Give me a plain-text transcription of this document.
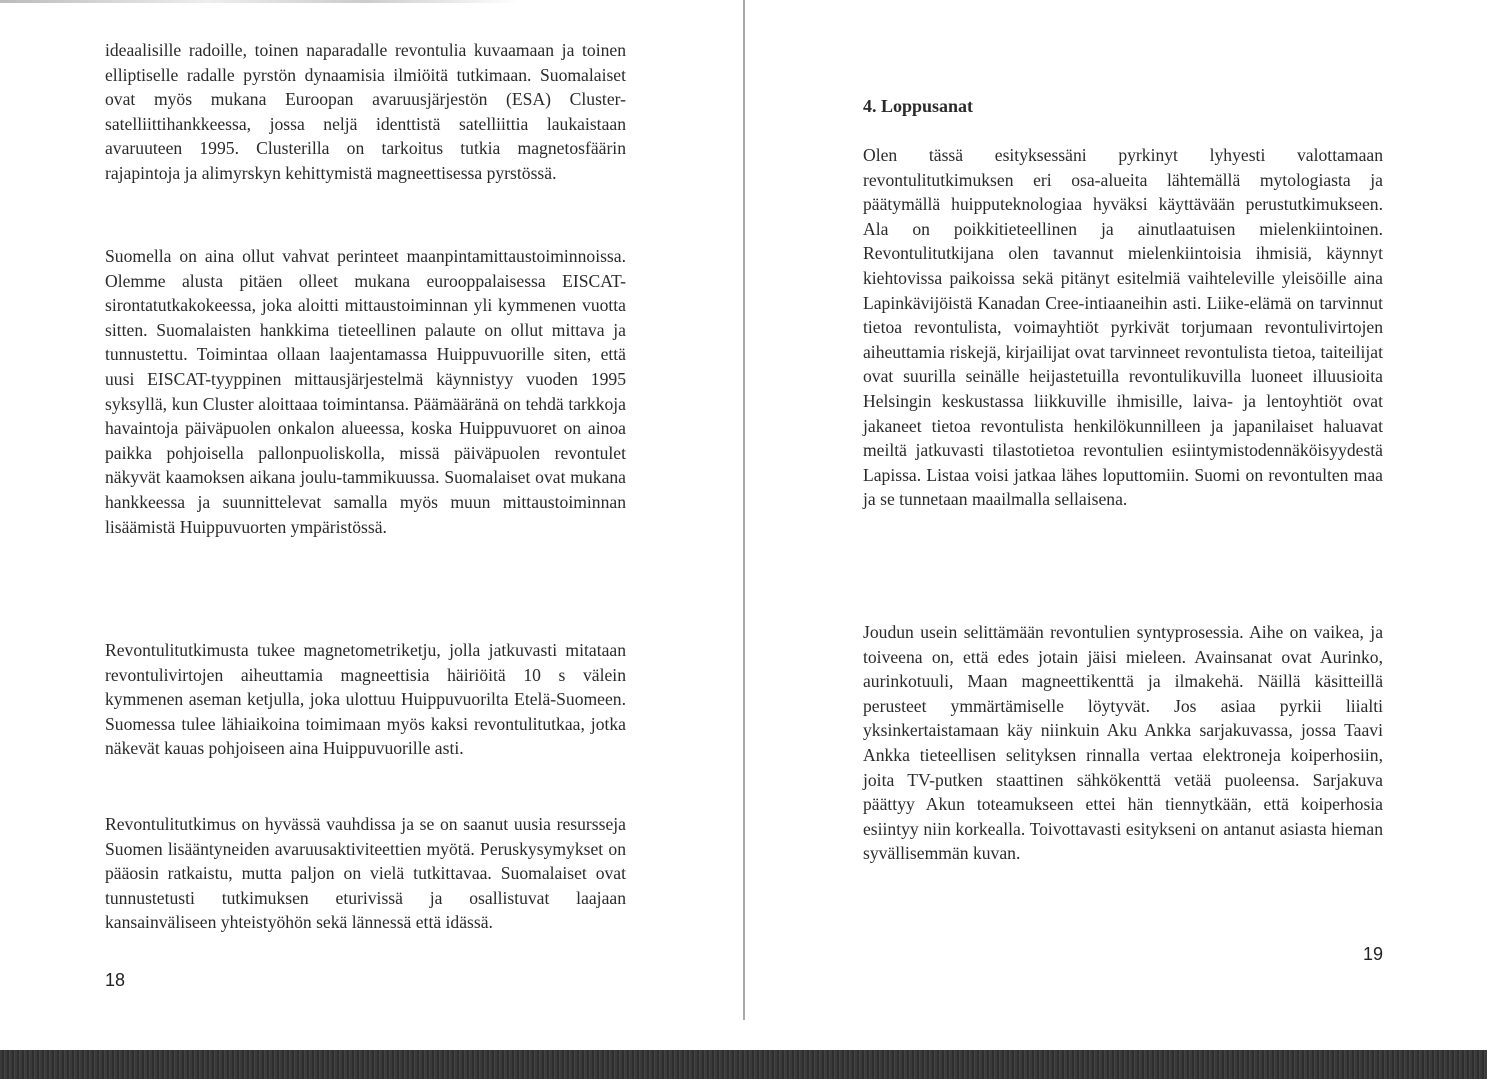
ideaalisille radoille, toinen naparadalle revontulia kuvaamaan ja toinen elliptiselle radalle pyrstön dynaamisia ilmiöitä tutkimaan. Suomalaiset ovat myös mukana Euroopan avaruusjärjestön (ESA) Cluster-satelliittihankkeessa, jossa neljä identtistä satelliittia laukaistaan avaruuteen 1995. Clusterilla on tarkoitus tutkia magnetosfäärin rajapintoja ja alimyrskyn kehittymistä magneettisessa pyrstössä.

Suomella on aina ollut vahvat perinteet maanpintamittaustoiminnoissa. Olemme alusta pitäen olleet mukana eurooppalaisessa EISCAT-sirontatutkakokeessa, joka aloitti mittaustoiminnan yli kymmenen vuotta sitten. Suomalaisten hankkima tieteellinen palaute on ollut mittava ja tunnustettu. Toimintaa ollaan laajentamassa Huippuvuorille siten, että uusi EISCAT-tyyppinen mittausjärjestelmä käynnistyy vuoden 1995 syksyllä, kun Cluster aloittaaa toimintansa. Päämääränä on tehdä tarkkoja havaintoja päiväpuolen onkalon alueessa, koska Huippuvuoret on ainoa paikka pohjoisella pallonpuoliskolla, missä päiväpuolen revontulet näkyvät kaamoksen aikana joulu-tammikuussa. Suomalaiset ovat mukana hankkeessa ja suunnittelevat samalla myös muun mittaustoiminnan lisäämistä Huippuvuorten ympäristössä.

Revontulitutkimusta tukee magnetometriketju, jolla jatkuvasti mitataan revontulivirtojen aiheuttamia magneettisia häiriöitä 10 s välein kymmenen aseman ketjulla, joka ulottuu Huippuvuorilta Etelä-Suomeen. Suomessa tulee lähiaikoina toimimaan myös kaksi revontulitutkaa, jotka näkevät kauas pohjoiseen aina Huippuvuorille asti.

Revontulitutkimus on hyvässä vauhdissa ja se on saanut uusia resursseja Suomen lisääntyneiden avaruusaktiviteettien myötä. Peruskysymykset on pääosin ratkaistu, mutta paljon on vielä tutkittavaa. Suomalaiset ovat tunnustetusti tutkimuksen eturivissä ja osallistuvat laajaan kansainväliseen yhteistyöhön sekä lännessä että idässä.

18
4. Loppusanat

Olen tässä esityksessäni pyrkinyt lyhyesti valottamaan revontulitutkimuksen eri osa-alueita lähtemällä mytologiasta ja päätymällä huipputeknologiaa hyväksi käyttävään perustutkimukseen. Ala on poikkitieteellinen ja ainutlaatuisen mielenkiintoinen. Revontulitutkijana olen tavannut mielenkiintoisia ihmisiä, käynnyt kiehtovissa paikoissa sekä pitänyt esitelmiä vaihteleville yleisöille aina Lapinkävijöistä Kanadan Cree-intiaaneihin asti. Liike-elämä on tarvinnut tietoa revontulista, voimayhtiöt pyrkivät torjumaan revontulivirtojen aiheuttamia riskejä, kirjailijat ovat tarvinneet revontulista tietoa, taiteilijat ovat suurilla seinälle heijastetuilla revontulikuvilla luoneet illuusioita Helsingin keskustassa liikkuville ihmisille, laiva- ja lentoyhtiöt ovat jakaneet tietoa revontulista henkilökunnilleen ja japanilaiset haluavat meiltä jatkuvasti tilastotietoa revontulien esiintymistodennäköisyydestä Lapissa. Listaa voisi jatkaa lähes loputtomiin. Suomi on revontulten maa ja se tunnetaan maailmalla sellaisena.

Joudun usein selittämään revontulien syntyprosessia. Aihe on vaikea, ja toiveena on, että edes jotain jäisi mieleen. Avainsanat ovat Aurinko, aurinkotuuli, Maan magneettikenttä ja ilmakehä. Näillä käsitteillä perusteet ymmärtämiselle löytyvät. Jos asiaa pyrkii liialti yksinkertaistamaan käy niinkuin Aku Ankka sarjakuvassa, jossa Taavi Ankka tieteellisen selityksen rinnalla vertaa elektroneja koiperhosiin, joita TV-putken staattinen sähkökenttä vetää puoleensa. Sarjakuva päättyy Akun toteamukseen ettei hän tiennytkään, että koiperhosia esiintyy niin korkealla. Toivottavasti esitykseni on antanut asiasta hieman syvällisemmän kuvan.

19
